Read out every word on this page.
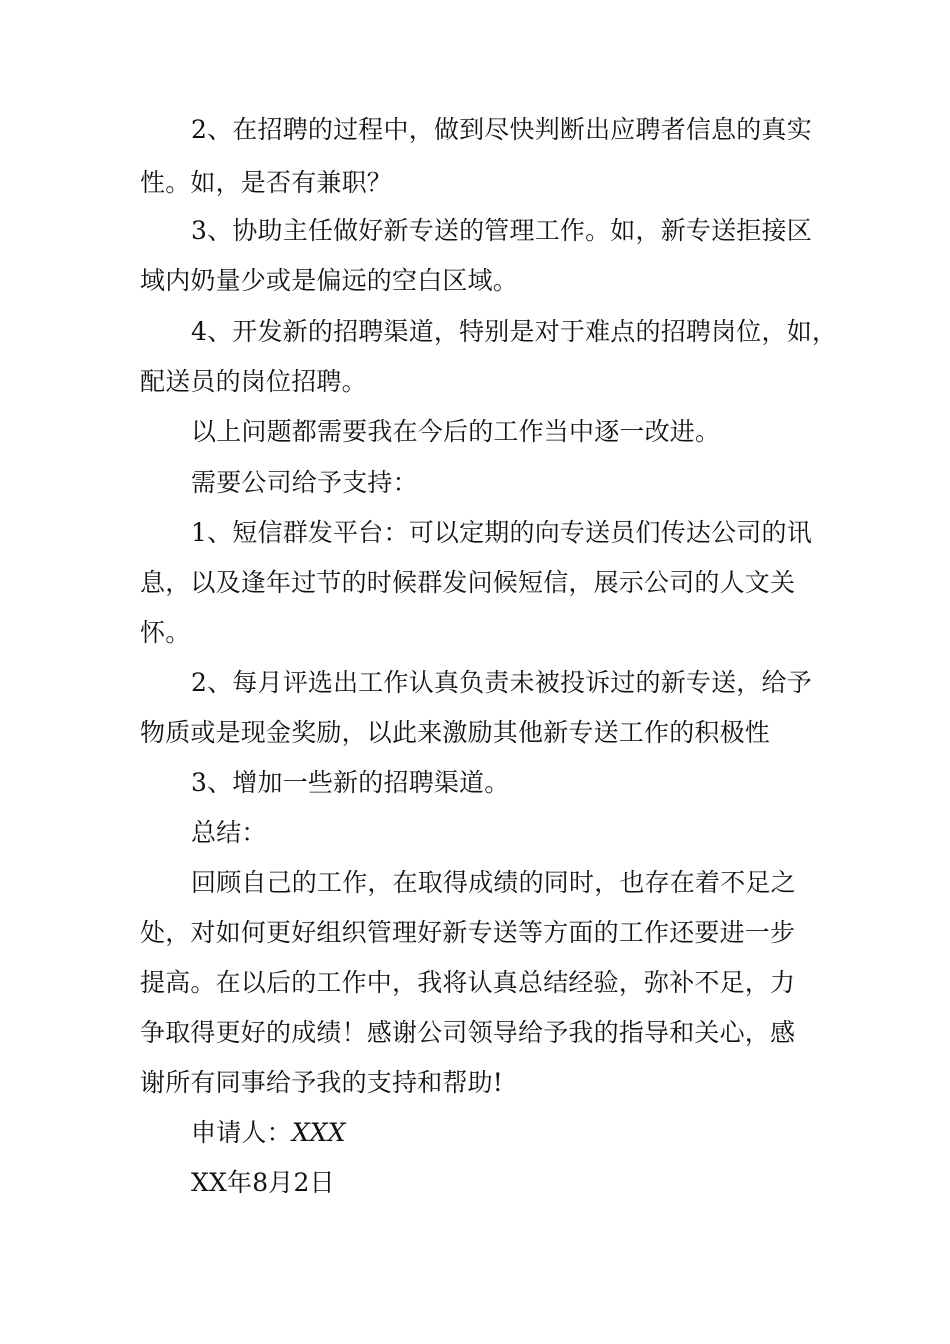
2、在招聘的过程中，做到尽快判断出应聘者信息的真实
性。如，是否有兼职？
3、协助主任做好新专送的管理工作。如，新专送拒接区
域内奶量少或是偏远的空白区域。
4、开发新的招聘渠道，特别是对于难点的招聘岗位，如，
配送员的岗位招聘。
以上问题都需要我在今后的工作当中逐一改进。
需要公司给予支持：
1、短信群发平台：可以定期的向专送员们传达公司的讯
息，以及逢年过节的时候群发问候短信，展示公司的人文关
怀。
2、每月评选出工作认真负责未被投诉过的新专送，给予
物质或是现金奖励，以此来激励其他新专送工作的积极性
3、增加一些新的招聘渠道。
总结：
回顾自己的工作，在取得成绩的同时，也存在着不足之
处，对如何更好组织管理好新专送等方面的工作还要进一步
提高。在以后的工作中，我将认真总结经验，弥补不足，力
争取得更好的成绩！感谢公司领导给予我的指导和关心，感
谢所有同事给予我的支持和帮助!
申请人：XXX
XX年8月2日
